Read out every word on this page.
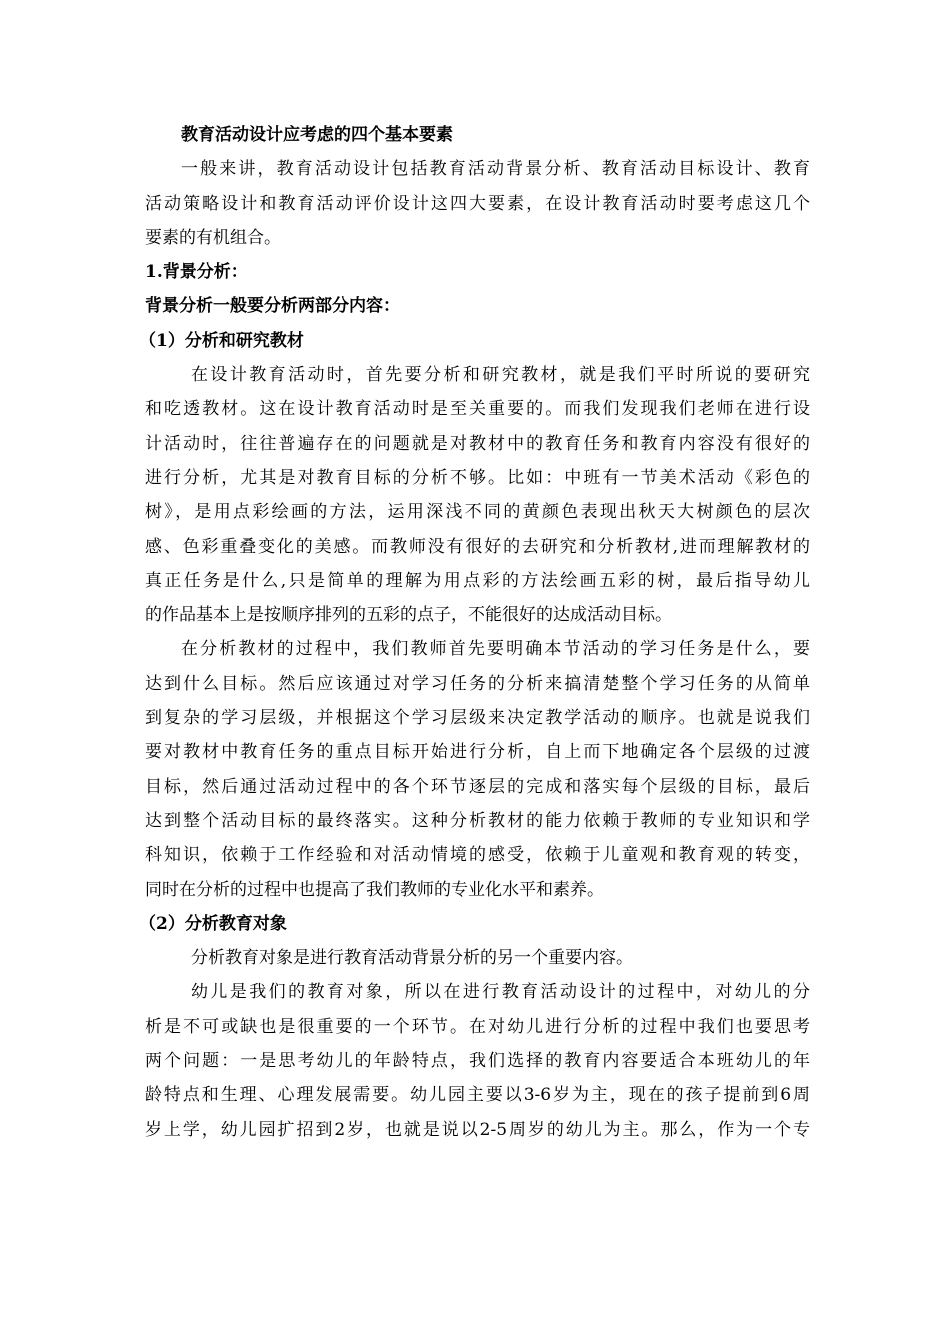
教育活动设计应考虑的四个基本要素
一般来讲，教育活动设计包括教育活动背景分析、教育活动目标设计、教育
活动策略设计和教育活动评价设计这四大要素，在设计教育活动时要考虑这几个
要素的有机组合。
1.背景分析：
背景分析一般要分析两部分内容：
（1）分析和研究教材
在设计教育活动时，首先要分析和研究教材，就是我们平时所说的要研究
和吃透教材。这在设计教育活动时是至关重要的。而我们发现我们老师在进行设
计活动时，往往普遍存在的问题就是对教材中的教育任务和教育内容没有很好的
进行分析，尤其是对教育目标的分析不够。比如：中班有一节美术活动《彩色的
树》，是用点彩绘画的方法，运用深浅不同的黄颜色表现出秋天大树颜色的层次
感、色彩重叠变化的美感。而教师没有很好的去研究和分析教材,进而理解教材的
真正任务是什么,只是简单的理解为用点彩的方法绘画五彩的树，最后指导幼儿
的作品基本上是按顺序排列的五彩的点子，不能很好的达成活动目标。
在分析教材的过程中，我们教师首先要明确本节活动的学习任务是什么，要
达到什么目标。然后应该通过对学习任务的分析来搞清楚整个学习任务的从简单
到复杂的学习层级，并根据这个学习层级来决定教学活动的顺序。也就是说我们
要对教材中教育任务的重点目标开始进行分析，自上而下地确定各个层级的过渡
目标，然后通过活动过程中的各个环节逐层的完成和落实每个层级的目标，最后
达到整个活动目标的最终落实。这种分析教材的能力依赖于教师的专业知识和学
科知识，依赖于工作经验和对活动情境的感受，依赖于儿童观和教育观的转变，
同时在分析的过程中也提高了我们教师的专业化水平和素养。
（2）分析教育对象
分析教育对象是进行教育活动背景分析的另一个重要内容。
幼儿是我们的教育对象，所以在进行教育活动设计的过程中，对幼儿的分
析是不可或缺也是很重要的一个环节。在对幼儿进行分析的过程中我们也要思考
两个问题：一是思考幼儿的年龄特点，我们选择的教育内容要适合本班幼儿的年
龄特点和生理、心理发展需要。幼儿园主要以3-6岁为主，现在的孩子提前到6周
岁上学，幼儿园扩招到2岁，也就是说以2-5周岁的幼儿为主。那么，作为一个专
